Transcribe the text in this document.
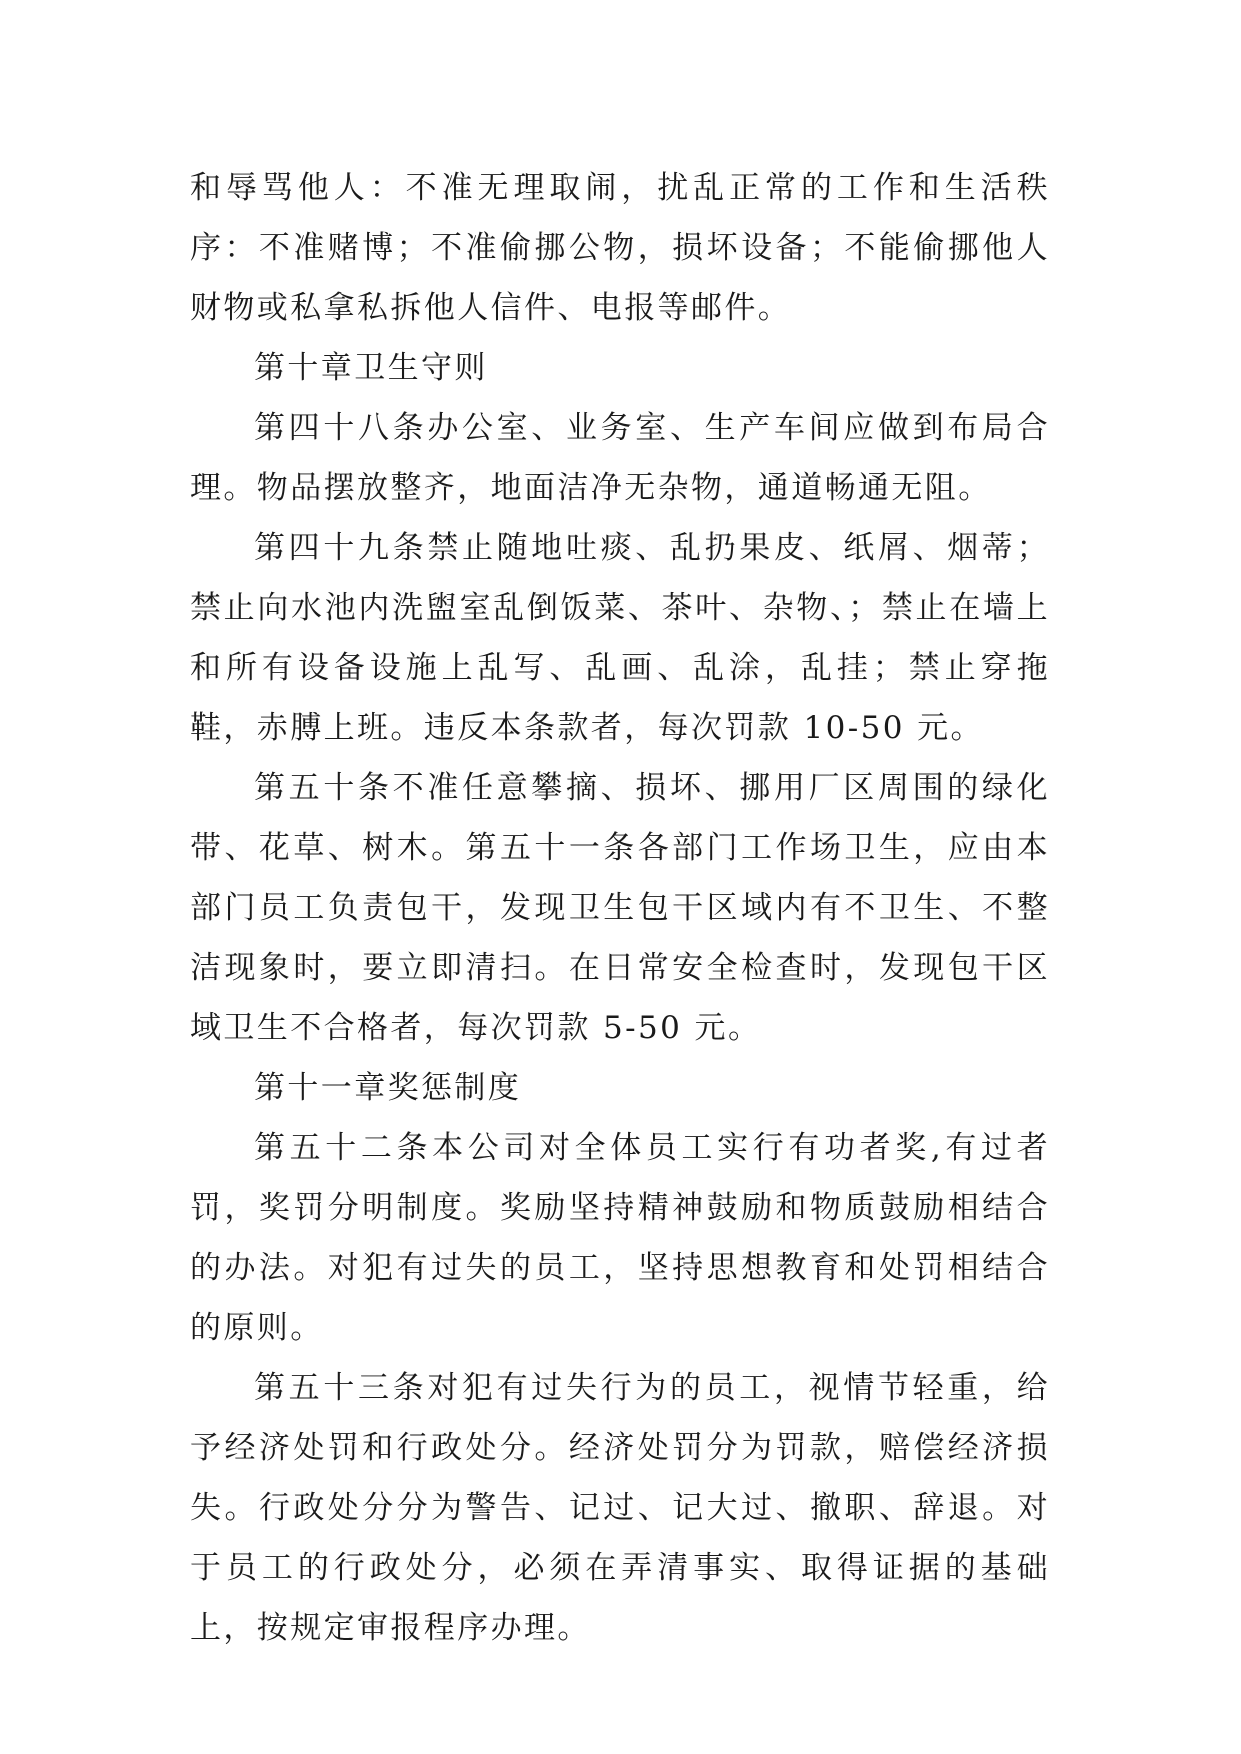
和辱骂他人：不准无理取闹，扰乱正常的工作和生活秩序：不准赌博；不准偷挪公物，损坏设备；不能偷挪他人财物或私拿私拆他人信件、电报等邮件。

第十章卫生守则

第四十八条办公室、业务室、生产车间应做到布局合理。物品摆放整齐，地面洁净无杂物，通道畅通无阻。

第四十九条禁止随地吐痰、乱扔果皮、纸屑、烟蒂；禁止向水池内洗盥室乱倒饭菜、茶叶、杂物、；禁止在墙上和所有设备设施上乱写、乱画、乱涂，乱挂；禁止穿拖鞋，赤膊上班。违反本条款者，每次罚款 10-50 元。

第五十条不准任意攀摘、损坏、挪用厂区周围的绿化带、花草、树木。第五十一条各部门工作场卫生，应由本部门员工负责包干，发现卫生包干区域内有不卫生、不整洁现象时，要立即清扫。在日常安全检查时，发现包干区域卫生不合格者，每次罚款 5-50 元。

第十一章奖惩制度

第五十二条本公司对全体员工实行有功者奖,有过者罚，奖罚分明制度。奖励坚持精神鼓励和物质鼓励相结合的办法。对犯有过失的员工，坚持思想教育和处罚相结合的原则。

第五十三条对犯有过失行为的员工，视情节轻重，给予经济处罚和行政处分。经济处罚分为罚款，赔偿经济损失。行政处分分为警告、记过、记大过、撤职、辞退。对于员工的行政处分，必须在弄清事实、取得证据的基础上，按规定审报程序办理。
